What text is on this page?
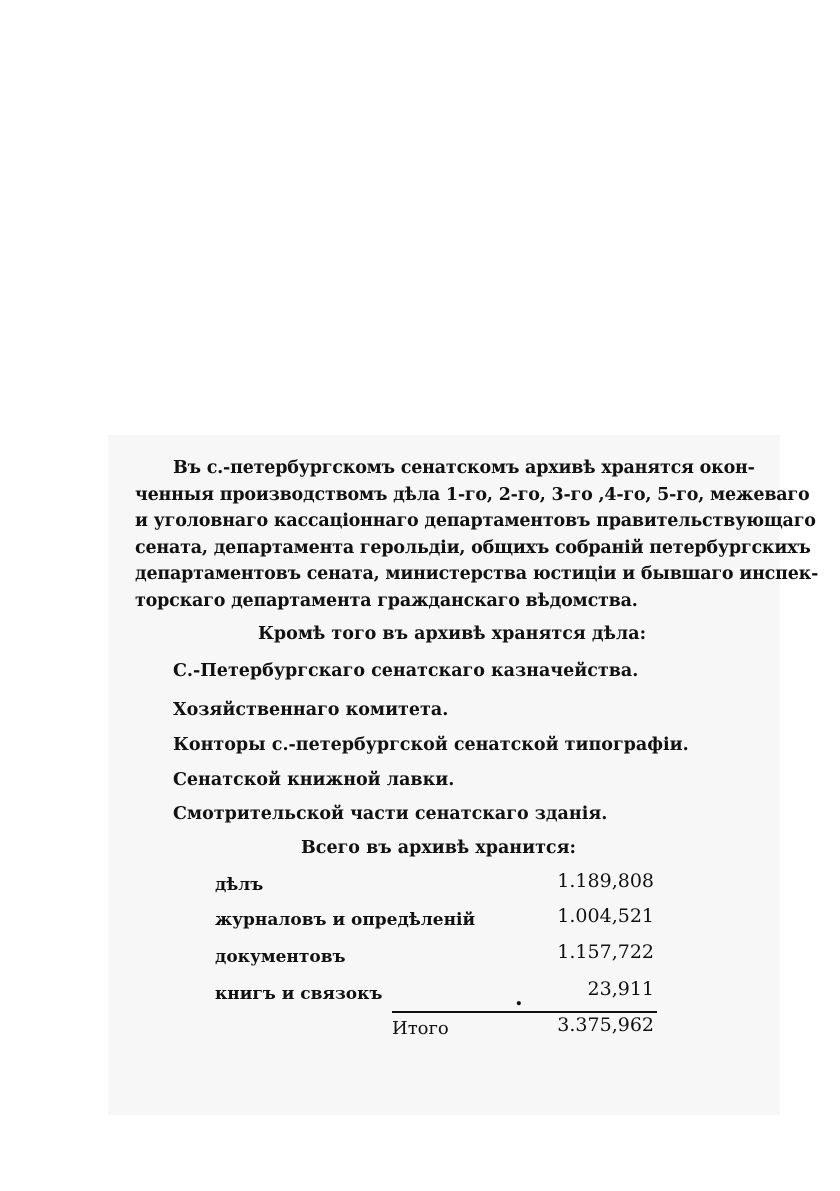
Въ с.-петербургскомъ сенатскомъ архивѣ хранятся окон-
ченныя производствомъ дѣла 1-го, 2-го, 3-го ,4-го, 5-го, межеваго
и уголовнаго кассаціоннаго департаментовъ правительствующаго
сената, департамента герольдіи, общихъ собраній петербургскихъ
департаментовъ сената, министерства юстиціи и бывшаго инспек-
торскаго департамента гражданскаго вѣдомства.
Кромѣ того въ архивѣ хранятся дѣла:
С.-Петербургскаго сенатскаго казначейства.
Хозяйственнаго комитета.
Конторы с.-петербургской сенатской типографіи.
Сенатской книжной лавки.
Смотрительской части сенатскаго зданія.
Всего въ архивѣ хранится:
дѣлъ	1.189,808
журналовъ и опредѣленій	1.004,521
документовъ	1.157,722
книгъ и связокъ	.	23,911
Итого	3.375,962
